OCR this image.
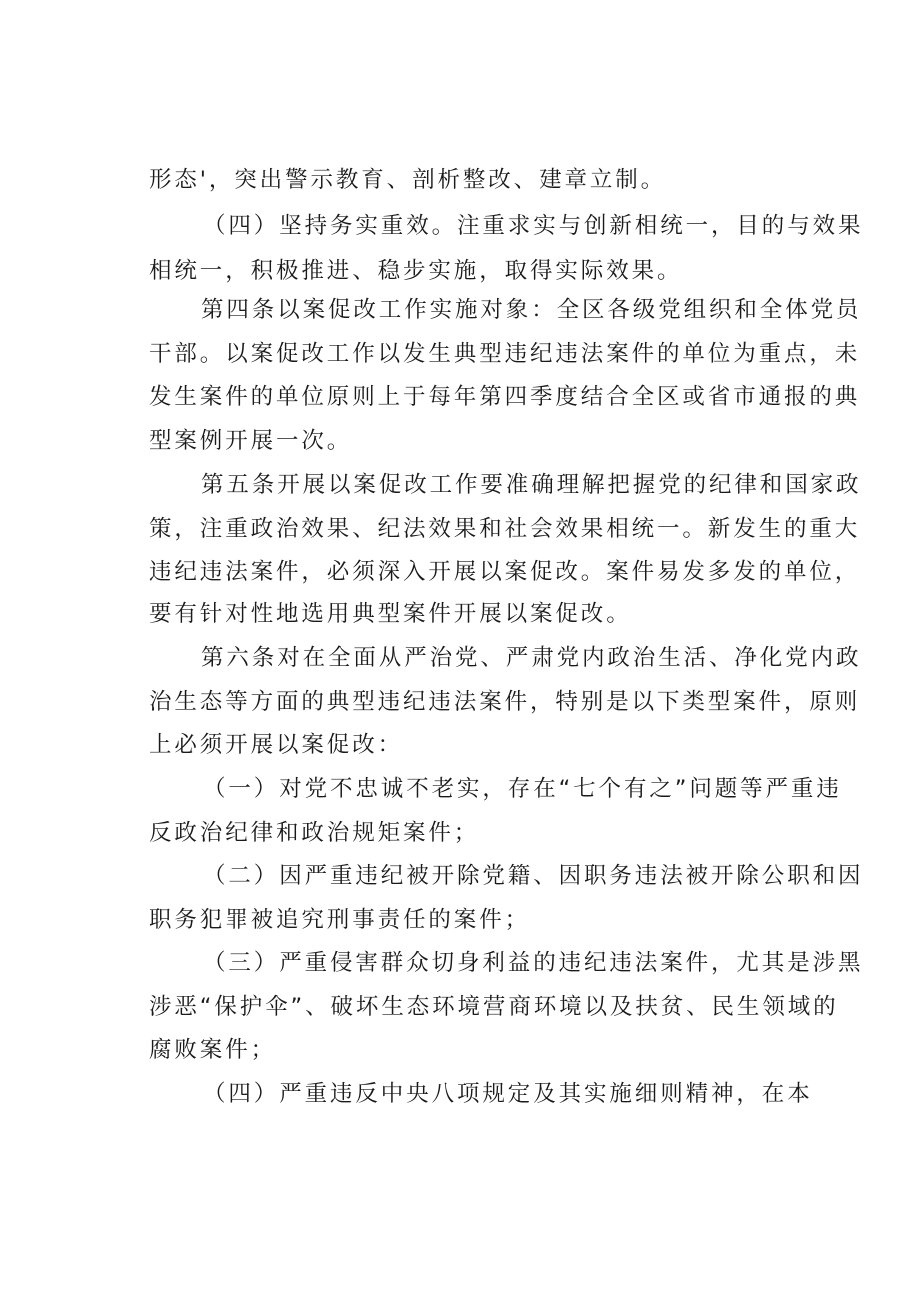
形态'，突出警示教育、剖析整改、建章立制。
（四）坚持务实重效。注重求实与创新相统一，目的与效果
相统一，积极推进、稳步实施，取得实际效果。
第四条以案促改工作实施对象：全区各级党组织和全体党员
干部。以案促改工作以发生典型违纪违法案件的单位为重点，未
发生案件的单位原则上于每年第四季度结合全区或省市通报的典
型案例开展一次。
第五条开展以案促改工作要准确理解把握党的纪律和国家政
策，注重政治效果、纪法效果和社会效果相统一。新发生的重大
违纪违法案件，必须深入开展以案促改。案件易发多发的单位，
要有针对性地选用典型案件开展以案促改。
第六条对在全面从严治党、严肃党内政治生活、净化党内政
治生态等方面的典型违纪违法案件，特别是以下类型案件，原则
上必须开展以案促改：
（一）对党不忠诚不老实，存在“七个有之”问题等严重违
反政治纪律和政治规矩案件；
（二）因严重违纪被开除党籍、因职务违法被开除公职和因
职务犯罪被追究刑事责任的案件；
（三）严重侵害群众切身利益的违纪违法案件，尤其是涉黑
涉恶“保护伞”、破坏生态环境营商环境以及扶贫、民生领域的
腐败案件；
（四）严重违反中央八项规定及其实施细则精神，在本
